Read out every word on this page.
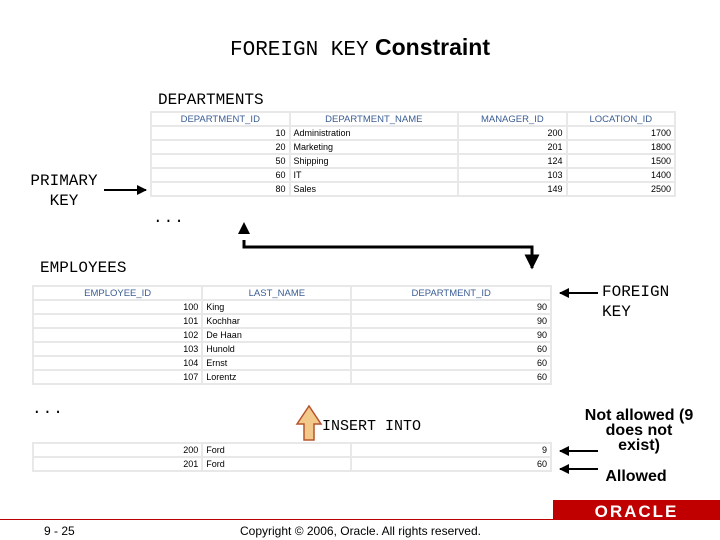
FOREIGN KEY Constraint
DEPARTMENTS
DEPARTMENT_ID	DEPARTMENT_NAME	MANAGER_ID	LOCATION_ID
10	Administration	200	1700
20	Marketing	201	1800
50	Shipping	124	1500
60	IT	103	1400
80	Sales	149	2500
...
PRIMARY KEY
EMPLOYEES
EMPLOYEE_ID	LAST_NAME	DEPARTMENT_ID
100	King	90
101	Kochhar	90
102	De Haan	90
103	Hunold	60
104	Ernst	60
107	Lorentz	60
...
FOREIGN KEY
INSERT INTO
200	Ford	9
201	Ford	60
Not allowed (9 does not exist)
Allowed
ORACLE
9 - 25	Copyright © 2006, Oracle. All rights reserved.
